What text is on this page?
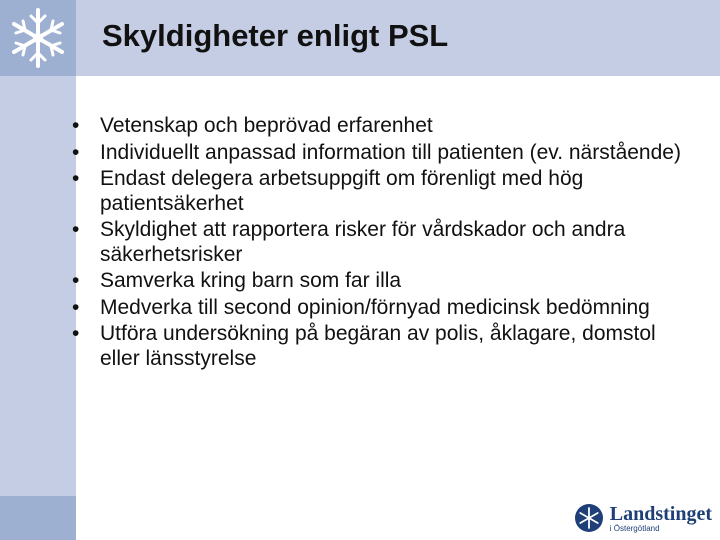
Skyldigheter enligt PSL
• Vetenskap och beprövad erfarenhet
• Individuellt anpassad information till patienten (ev. närstående)
• Endast delegera arbetsuppgift om förenligt med hög patientsäkerhet
• Skyldighet att rapportera risker för vårdskador och andra säkerhetsrisker
• Samverka kring barn som far illa
• Medverka till second opinion/förnyad medicinsk bedömning
• Utföra undersökning på begäran av polis, åklagare, domstol eller länsstyrelse
Landstinget
i Östergötland
